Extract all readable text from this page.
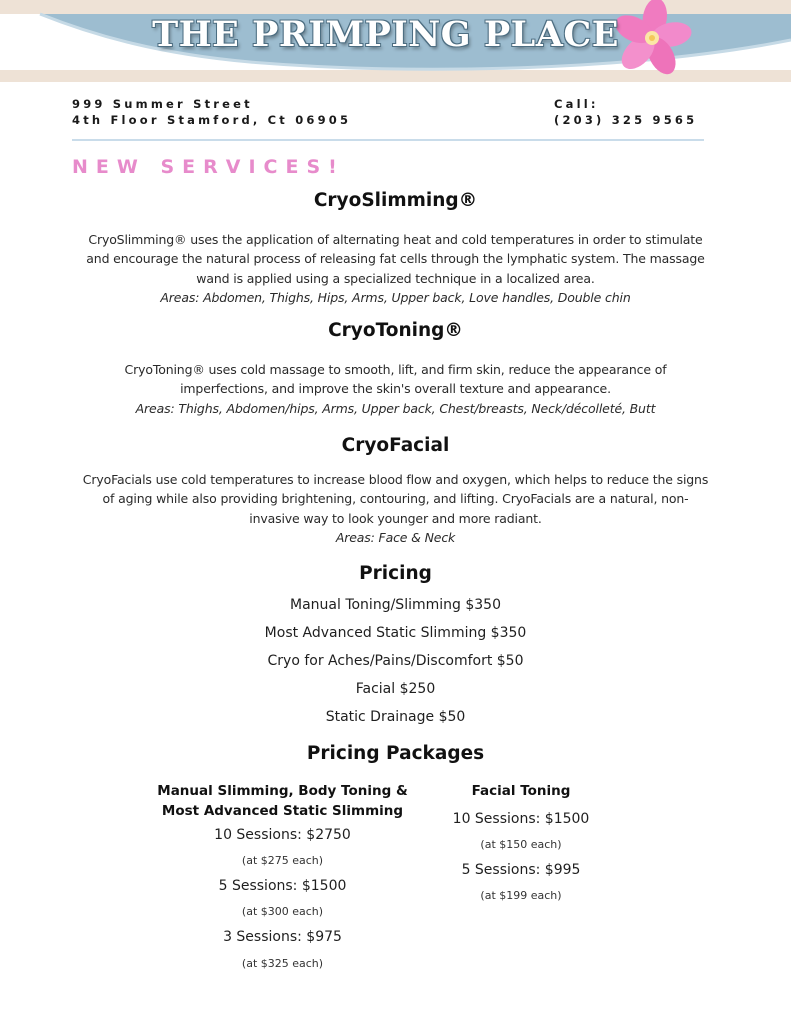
THE PRIMPING PLACE
999 Summer Street
4th Floor Stamford, Ct 06905
Call:
(203) 325 9565
NEW SERVICES!
CryoSlimming®
CryoSlimming® uses the application of alternating heat and cold temperatures in order to stimulate and encourage the natural process of releasing fat cells through the lymphatic system. The massage wand is applied using a specialized technique in a localized area.
Areas: Abdomen, Thighs, Hips, Arms, Upper back, Love handles, Double chin
CryoToning®
CryoToning® uses cold massage to smooth, lift, and firm skin, reduce the appearance of imperfections, and improve the skin's overall texture and appearance.
Areas: Thighs, Abdomen/hips, Arms, Upper back, Chest/breasts, Neck/décolleté, Butt
CryoFacial
CryoFacials use cold temperatures to increase blood flow and oxygen, which helps to reduce the signs of aging while also providing brightening, contouring, and lifting. CryoFacials are a natural, non-invasive way to look younger and more radiant.
Areas: Face & Neck
Pricing
Manual Toning/Slimming $350
Most Advanced Static Slimming $350
Cryo for Aches/Pains/Discomfort $50
Facial $250
Static Drainage $50
Pricing Packages
Manual Slimming, Body Toning &
Most Advanced Static Slimming
10 Sessions: $2750
(at $275 each)
5 Sessions: $1500
(at $300 each)
3 Sessions: $975
(at $325 each)
Facial Toning
10 Sessions: $1500
(at $150 each)
5 Sessions: $995
(at $199 each)
